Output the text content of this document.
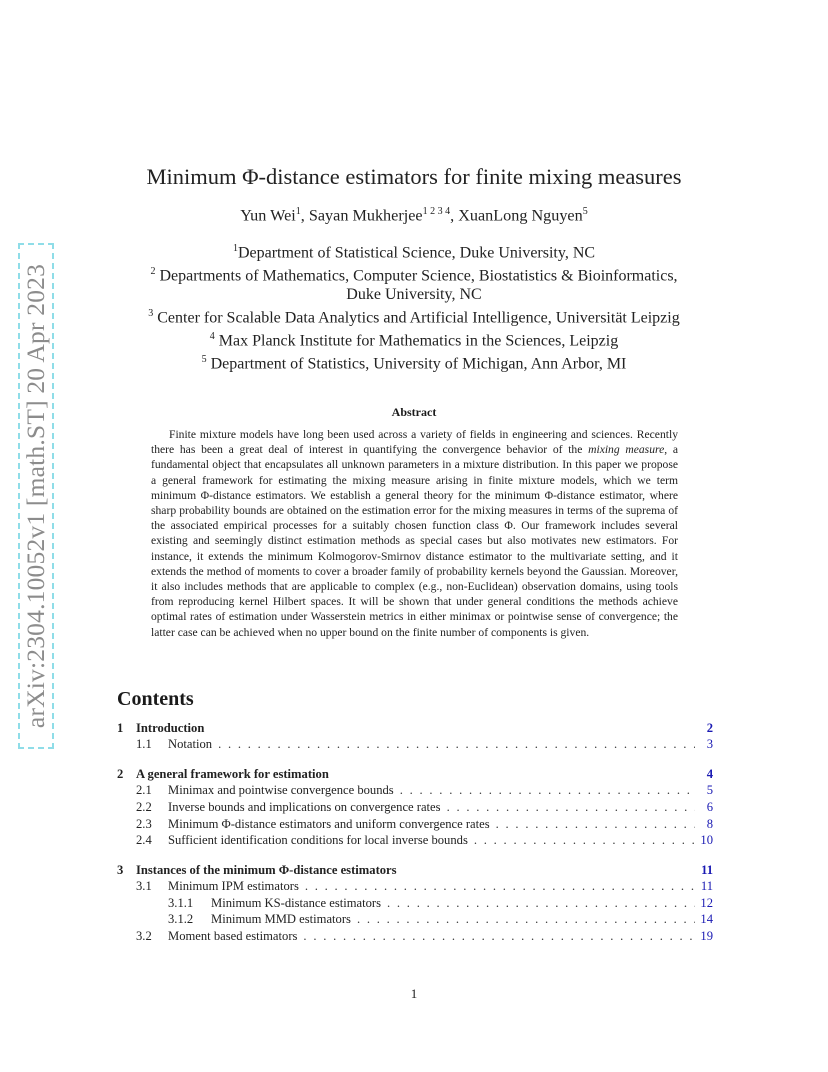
arXiv:2304.10052v1 [math.ST] 20 Apr 2023
Minimum Φ-distance estimators for finite mixing measures
Yun Wei$^1$, Sayan Mukherjee$^{1 2 3 4}$, XuanLong Nguyen$^5$
$^1$Department of Statistical Science, Duke University, NC
$^2$ Departments of Mathematics, Computer Science, Biostatistics & Bioinformatics,
Duke University, NC
$^3$ Center for Scalable Data Analytics and Artificial Intelligence, Universität Leipzig
$^4$ Max Planck Institute for Mathematics in the Sciences, Leipzig
$^5$ Department of Statistics, University of Michigan, Ann Arbor, MI
Abstract
Finite mixture models have long been used across a variety of fields in engineering and sciences. Recently there has been a great deal of interest in quantifying the convergence behavior of the mixing measure, a fundamental object that encapsulates all unknown parameters in a mixture distribution. In this paper we propose a general framework for estimating the mixing measure arising in finite mixture models, which we term minimum Φ-distance estimators. We establish a general theory for the minimum Φ-distance estimator, where sharp probability bounds are obtained on the estimation error for the mixing measures in terms of the suprema of the associated empirical processes for a suitably chosen function class Φ. Our framework includes several existing and seemingly distinct estimation methods as special cases but also motivates new estimators. For instance, it extends the minimum Kolmogorov-Smirnov distance estimator to the multivariate setting, and it extends the method of moments to cover a broader family of probability kernels beyond the Gaussian. Moreover, it also includes methods that are applicable to complex (e.g., non-Euclidean) observation domains, using tools from reproducing kernel Hilbert spaces. It will be shown that under general conditions the methods achieve optimal rates of estimation under Wasserstein metrics in either minimax or pointwise sense of convergence; the latter case can be achieved when no upper bound on the finite number of components is given.
Contents
1	Introduction	2
1.1	Notation . . .	3
2	A general framework for estimation	4
2.1	Minimax and pointwise convergence bounds . . .	5
2.2	Inverse bounds and implications on convergence rates . . .	6
2.3	Minimum Φ-distance estimators and uniform convergence rates . . .	8
2.4	Sufficient identification conditions for local inverse bounds . . .	10
3	Instances of the minimum Φ-distance estimators	11
3.1	Minimum IPM estimators . . .	11
3.1.1	Minimum KS-distance estimators . . .	12
3.1.2	Minimum MMD estimators . . .	14
3.2	Moment based estimators . . .	19
1
